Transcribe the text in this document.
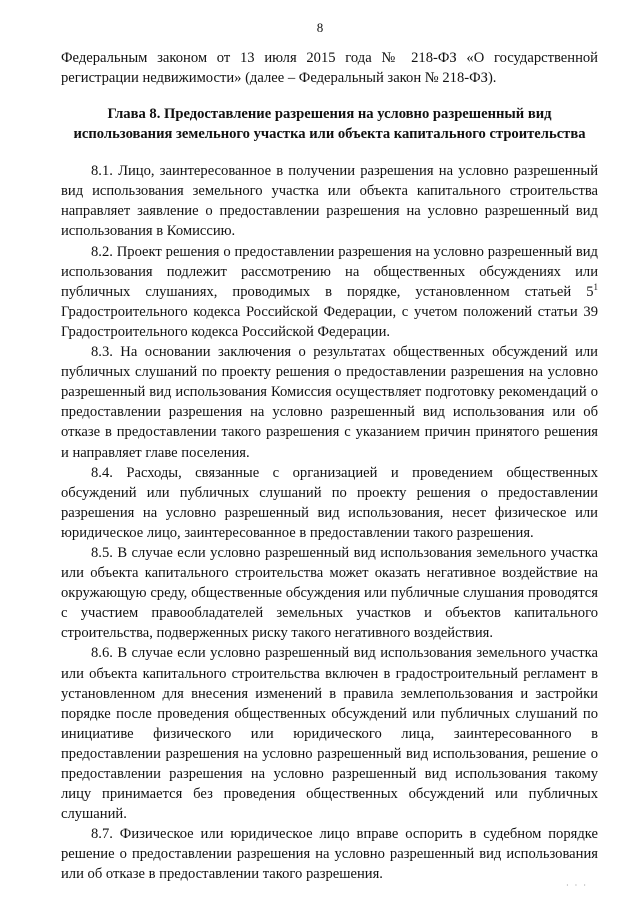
8

Федеральным законом от 13 июля 2015 года № 218-ФЗ «О государственной регистрации недвижимости» (далее – Федеральный закон № 218-ФЗ).

Глава 8. Предоставление разрешения на условно разрешенный вид использования земельного участка или объекта капитального строительства

8.1. Лицо, заинтересованное в получении разрешения на условно разрешенный вид использования земельного участка или объекта капитального строительства направляет заявление о предоставлении разрешения на условно разрешенный вид использования в Комиссию.

8.2. Проект решения о предоставлении разрешения на условно разрешенный вид использования подлежит рассмотрению на общественных обсуждениях или публичных слушаниях, проводимых в порядке, установленном статьей $5^1$ Градостроительного кодекса Российской Федерации, с учетом положений статьи 39 Градостроительного кодекса Российской Федерации.

8.3. На основании заключения о результатах общественных обсуждений или публичных слушаний по проекту решения о предоставлении разрешения на условно разрешенный вид использования Комиссия осуществляет подготовку рекомендаций о предоставлении разрешения на условно разрешенный вид использования или об отказе в предоставлении такого разрешения с указанием причин принятого решения и направляет главе поселения.

8.4. Расходы, связанные с организацией и проведением общественных обсуждений или публичных слушаний по проекту решения о предоставлении разрешения на условно разрешенный вид использования, несет физическое или юридическое лицо, заинтересованное в предоставлении такого разрешения.

8.5. В случае если условно разрешенный вид использования земельного участка или объекта капитального строительства может оказать негативное воздействие на окружающую среду, общественные обсуждения или публичные слушания проводятся с участием правообладателей земельных участков и объектов капитального строительства, подверженных риску такого негативного воздействия.

8.6. В случае если условно разрешенный вид использования земельного участка или объекта капитального строительства включен в градостроительный регламент в установленном для внесения изменений в правила землепользования и застройки порядке после проведения общественных обсуждений или публичных слушаний по инициативе физического или юридического лица, заинтересованного в предоставлении разрешения на условно разрешенный вид использования, решение о предоставлении разрешения на условно разрешенный вид использования такому лицу принимается без проведения общественных обсуждений или публичных слушаний.

8.7. Физическое или юридическое лицо вправе оспорить в судебном порядке решение о предоставлении разрешения на условно разрешенный вид использования или об отказе в предоставлении такого разрешения.

· · ·
